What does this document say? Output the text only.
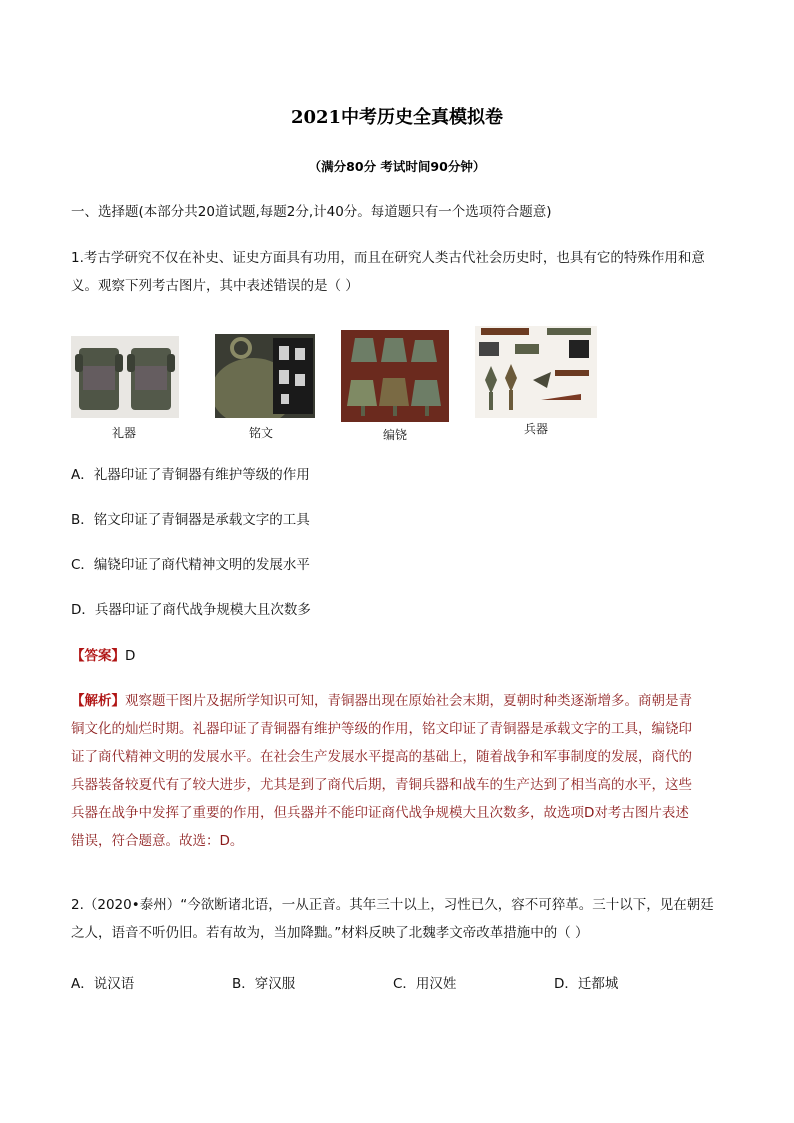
2021中考历史全真模拟卷
（满分80分 考试时间90分钟）
一、选择题(本部分共20道试题,每题2分,计40分。每道题只有一个选项符合题意)
1.考古学研究不仅在补史、证史方面具有功用，而且在研究人类古代社会历史时，也具有它的特殊作用和意
义。观察下列考古图片，其中表述错误的是（ ）
礼器	铭文	编铙	兵器
A．礼器印证了青铜器有维护等级的作用
B．铭文印证了青铜器是承载文字的工具
C．编铙印证了商代精神文明的发展水平
D．兵器印证了商代战争规模大且次数多
【答案】D
【解析】观察题干图片及据所学知识可知，青铜器出现在原始社会末期，夏朝时种类逐渐增多。商朝是青
铜文化的灿烂时期。礼器印证了青铜器有维护等级的作用，铭文印证了青铜器是承载文字的工具，编铙印
证了商代精神文明的发展水平。在社会生产发展水平提高的基础上，随着战争和军事制度的发展，商代的
兵器装备较夏代有了较大进步，尤其是到了商代后期，青铜兵器和战车的生产达到了相当高的水平，这些
兵器在战争中发挥了重要的作用，但兵器并不能印证商代战争规模大且次数多，故选项D对考古图片表述
错误，符合题意。故选：D。
2.（2020•泰州）“今欲断诸北语，一从正音。其年三十以上，习性已久，容不可猝革。三十以下，见在朝廷
之人，语音不听仍旧。若有故为，当加降黜。”材料反映了北魏孝文帝改革措施中的（ ）
A．说汉语	B．穿汉服	C．用汉姓	D．迁都城
